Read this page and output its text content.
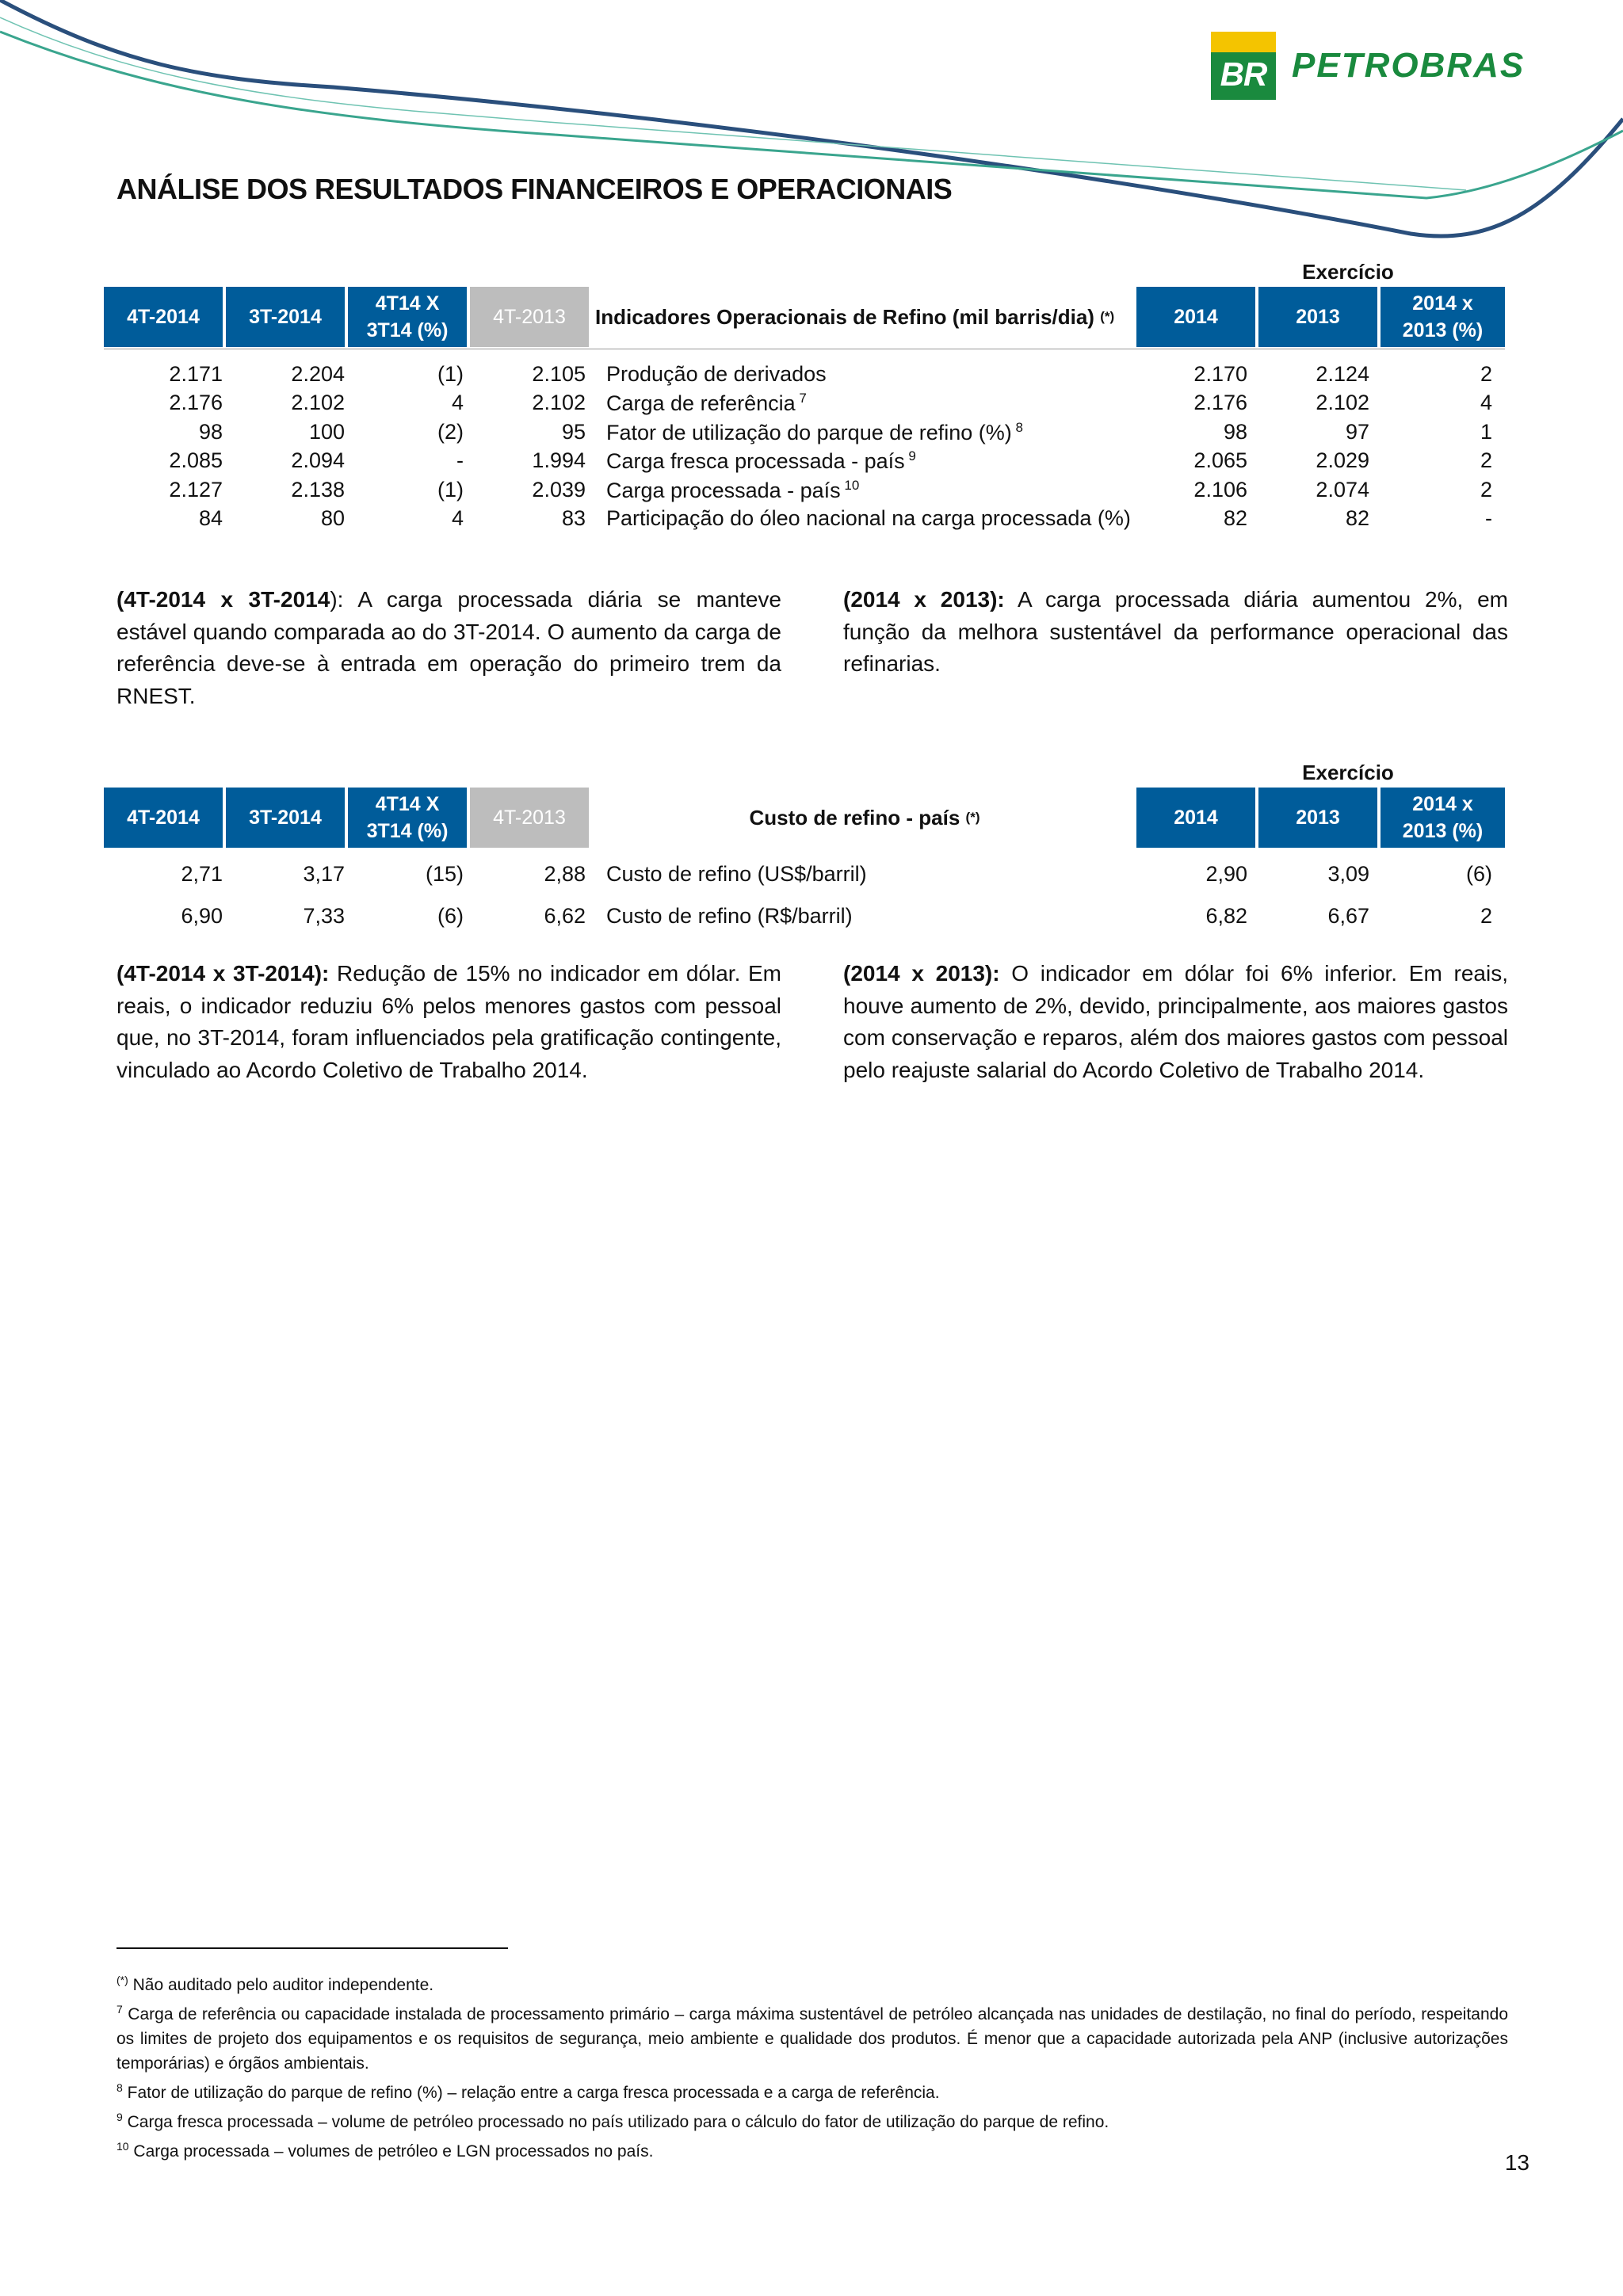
BR PETROBRAS
ANÁLISE DOS RESULTADOS FINANCEIROS E OPERACIONAIS
Exercício
4T-2014	3T-2014
4T14 X
3T14 (%)
4T-2013	Indicadores Operacionais de Refino (mil barris/dia)
(*)	2014	2013
2014 x
2013 (%)
2.171	2.204	(1)	2.105 Produção de derivados	2.170	2.124	2
2.176	2.102	4	2.102 Carga de referência $^7$	2.176	2.102	4
98	100	(2)	95 Fator de utilização do parque de refino (%) $^8$	98	97	1
2.085	2.094	-	1.994 Carga fresca processada - país $^9$	2.065	2.029	2
2.127	2.138	(1)	2.039 Carga processada - país $^{10}$	2.106	2.074	2
84	80	4	83 Participação do óleo nacional na carga processada (%)	82	82	-
(4T-2014 x 3T-2014): A carga processada diária se manteve estável quando comparada ao do 3T-2014. O aumento da carga de referência deve-se à entrada em operação do primeiro trem da RNEST.
(2014 x 2013): A carga processada diária aumentou 2%, em função da melhora sustentável da performance operacional das refinarias.
Exercício
4T-2014	3T-2014
4T14 X
3T14 (%)
4T-2013	Custo de refino - país
(*)	2014	2013
2014 x
2013 (%)
2,71	3,17	(15)	2,88 Custo de refino (US$/barril)	2,90	3,09	(6)
6,90	7,33	(6)	6,62 Custo de refino (R$/barril)	6,82	6,67	2
(4T-2014 x 3T-2014): Redução de 15% no indicador em dólar. Em reais, o indicador reduziu 6% pelos menores gastos com pessoal que, no 3T-2014, foram influenciados pela gratificação contingente, vinculado ao Acordo Coletivo de Trabalho 2014.
(2014 x 2013): O indicador em dólar foi 6% inferior. Em reais, houve aumento de 2%, devido, principalmente, aos maiores gastos com conservação e reparos, além dos maiores gastos com pessoal pelo reajuste salarial do Acordo Coletivo de Trabalho 2014.

(*) Não auditado pelo auditor independente.

$^7$ Carga de referência ou capacidade instalada de processamento primário – carga máxima sustentável de petróleo alcançada nas unidades de destilação, no final do período, respeitando os limites de projeto dos equipamentos e os requisitos de segurança, meio ambiente e qualidade dos produtos. É menor que a capacidade autorizada pela ANP (inclusive autorizações temporárias) e órgãos ambientais.

$^8$ Fator de utilização do parque de refino (%) – relação entre a carga fresca processada e a carga de referência.

$^9$ Carga fresca processada – volume de petróleo processado no país utilizado para o cálculo do fator de utilização do parque de refino.

$^{10}$ Carga processada – volumes de petróleo e LGN processados no país.	13
